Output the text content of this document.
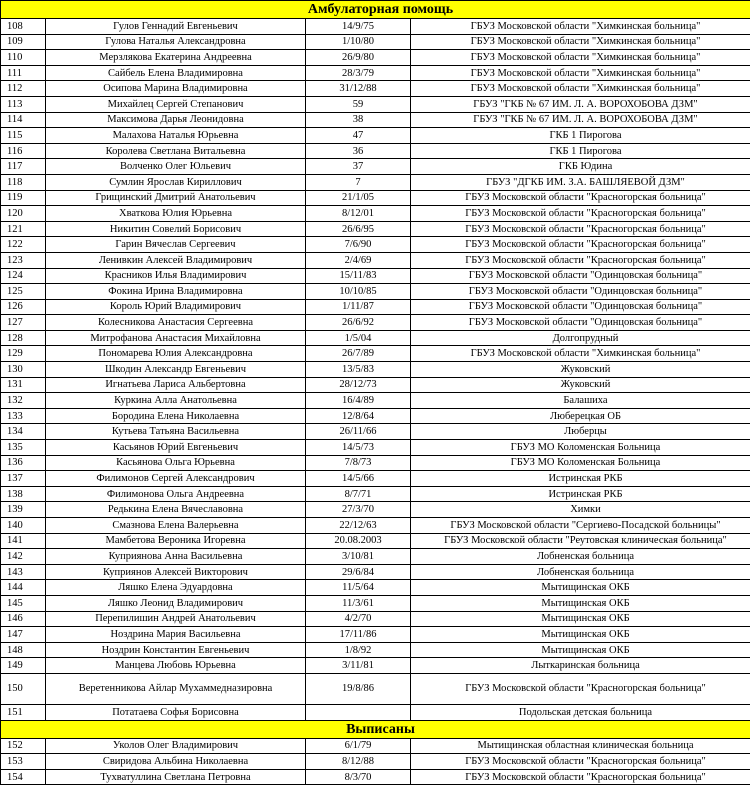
Амбулаторная помощь			
108	Гулов Геннадий Евгеньевич	14/9/75	ГБУЗ Московской области "Химкинская больница"
109	Гулова Наталья Александровна	1/10/80	ГБУЗ Московской области "Химкинская больница"
110	Мерзлякова Екатерина Андреевна	26/9/80	ГБУЗ Московской области "Химкинская больница"
111	Сайбель Елена Владимировна	28/3/79	ГБУЗ Московской области "Химкинская больница"
112	Осипова Марина Владимировна	31/12/88	ГБУЗ Московской области "Химкинская больница"
113	Михайлец Сергей Степанович	59	ГБУЗ "ГКБ № 67 ИМ. Л. А. ВОРОХОБОВА ДЗМ"
114	Максимова Дарья Леонидовна	38	ГБУЗ "ГКБ № 67 ИМ. Л. А. ВОРОХОБОВА ДЗМ"
115	Малахова Наталья Юрьевна	47	ГКБ 1 Пирогова
116	Королева Светлана Витальевна	36	ГКБ 1 Пирогова
117	Волченко Олег Юльевич	37	ГКБ Юдина
118	Сумлин Ярослав Кириллович	7	ГБУЗ "ДГКБ ИМ. З.А. БАШЛЯЕВОЙ ДЗМ"
119	Грищинский Дмитрий Анатольевич	21/1/05	ГБУЗ Московской области "Красногорская больница"
120	Хваткова Юлия Юрьевна	8/12/01	ГБУЗ Московской области "Красногорская больница"
121	Никитин Совелий Борисович	26/6/95	ГБУЗ Московской области "Красногорская больница"
122	Гарин Вячеслав Сергеевич	7/6/90	ГБУЗ Московской области "Красногорская больница"
123	Ленивкин Алексей Владимирович	2/4/69	ГБУЗ Московской области "Красногорская больница"
124	Красников Илья Владимирович	15/11/83	ГБУЗ Московской области "Одинцовская больница"
125	Фокина Ирина Владимировна	10/10/85	ГБУЗ Московской области "Одинцовская больница"
126	Король Юрий Владимирович	1/11/87	ГБУЗ Московской области "Одинцовская больница"
127	Колесникова Анастасия Сергеевна	26/6/92	ГБУЗ Московской области "Одинцовская больница"
128	Митрофанова Анастасия Михайловна	1/5/04	Долгопрудный
129	Пономарева Юлия Александровна	26/7/89	ГБУЗ Московской области "Химкинская больница"
130	Шкодин Александр Евгеньевич	13/5/83	Жуковский
131	Игнатьева Лариса Альбертовна	28/12/73	Жуковский
132	Куркина Алла Анатольевна	16/4/89	Балашиха
133	Бородина Елена Николаевна	12/8/64	Люберецкая ОБ
134	Кутьева Татьяна Васильевна	26/11/66	Люберцы
135	Касьянов Юрий Евгеньевич	14/5/73	ГБУЗ МО Коломенская Больница
136	Касьянова Ольга Юрьевна	7/8/73	ГБУЗ МО Коломенская Больница
137	Филимонов Сергей Александрович	14/5/66	Истринская РКБ
138	Филимонова Ольга Андреевна	8/7/71	Истринская РКБ
139	Редькина Елена Вячеславовна	27/3/70	Химки
140	Смазнова Елена Валерьевна	22/12/63	ГБУЗ Московской области "Сергиево-Посадской больницы"
141	Мамбетова Вероника Игоревна	20.08.2003	ГБУЗ Московской области "Реутовская клиническая больница"
142	Куприянова Анна Васильевна	3/10/81	Лобненская больница
143	Куприянов Алексей Викторович	29/6/84	Лобненская больница
144	Ляшко Елена Эдуардовна	11/5/64	Мытищинская ОКБ
145	Ляшко Леонид Владимирович	11/3/61	Мытищинская ОКБ
146	Перепилишин Андрей Анатольевич	4/2/70	Мытищинская ОКБ
147	Ноздрина Мария Васильевна	17/11/86	Мытищинская ОКБ
148	Ноздрин Константин Евгеньевич	1/8/92	Мытищинская ОКБ
149	Манцева Любовь Юрьевна	3/11/81	Лыткаринская больница
150	Веретенникова Айлар Мухаммедназировна	19/8/86	ГБУЗ Московской области "Красногорская больница"
151	Потатаева Софья Борисовна		Подольская детская больница
Выписаны			
152	Уколов Олег Владимирович	6/1/79	Мытищинская областная клиническая больница
153	Свиридова Альбина Николаевна	8/12/88	ГБУЗ Московской области "Красногорская больница"
154	Тухватуллина Светлана Петровна	8/3/70	ГБУЗ Московской области "Красногорская больница"
